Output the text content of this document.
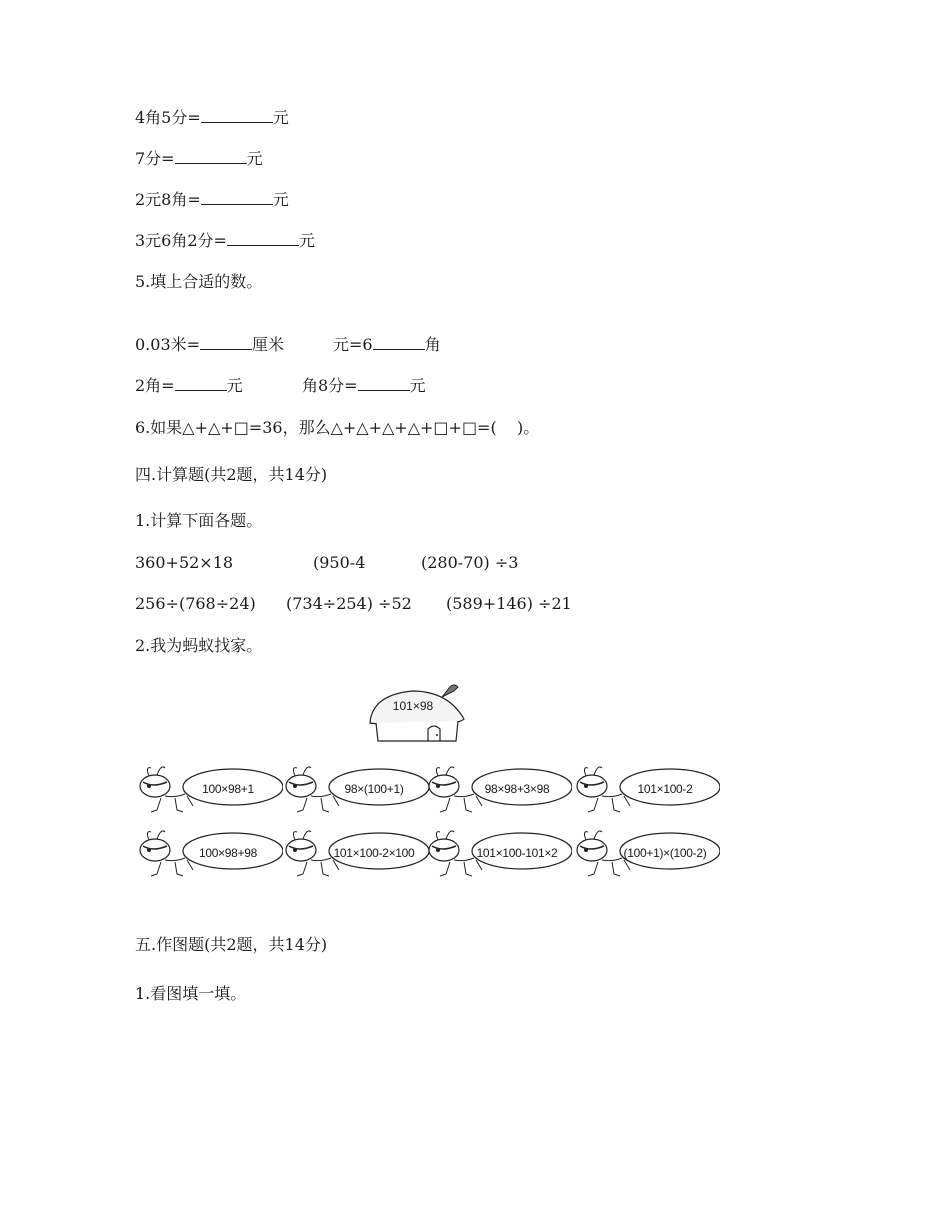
4角5分=	元
7分=	元
2元8角=	元
3元6角2分=	元
5.填上合适的数。
0.03米=	厘米	元=6	角
2角=	元	角8分=	元
6.如果△+△+□=36，那么△+△+△+△+□+□=(    )。
四.计算题(共2题，共14分)
1.计算下面各题。
360+52×18	(950-4	(280-70) ÷3
256÷(768÷24) (734÷254) ÷52 (589+146) ÷21
2.我为蚂蚁找家。
101×98
100×98+1	98×(100+1)	98×98+3×98	101×100-2
100×98+98	101×100-2×100	101×100-101×2	(100+1)×(100-2)
五.作图题(共2题，共14分)
1.看图填一填。
